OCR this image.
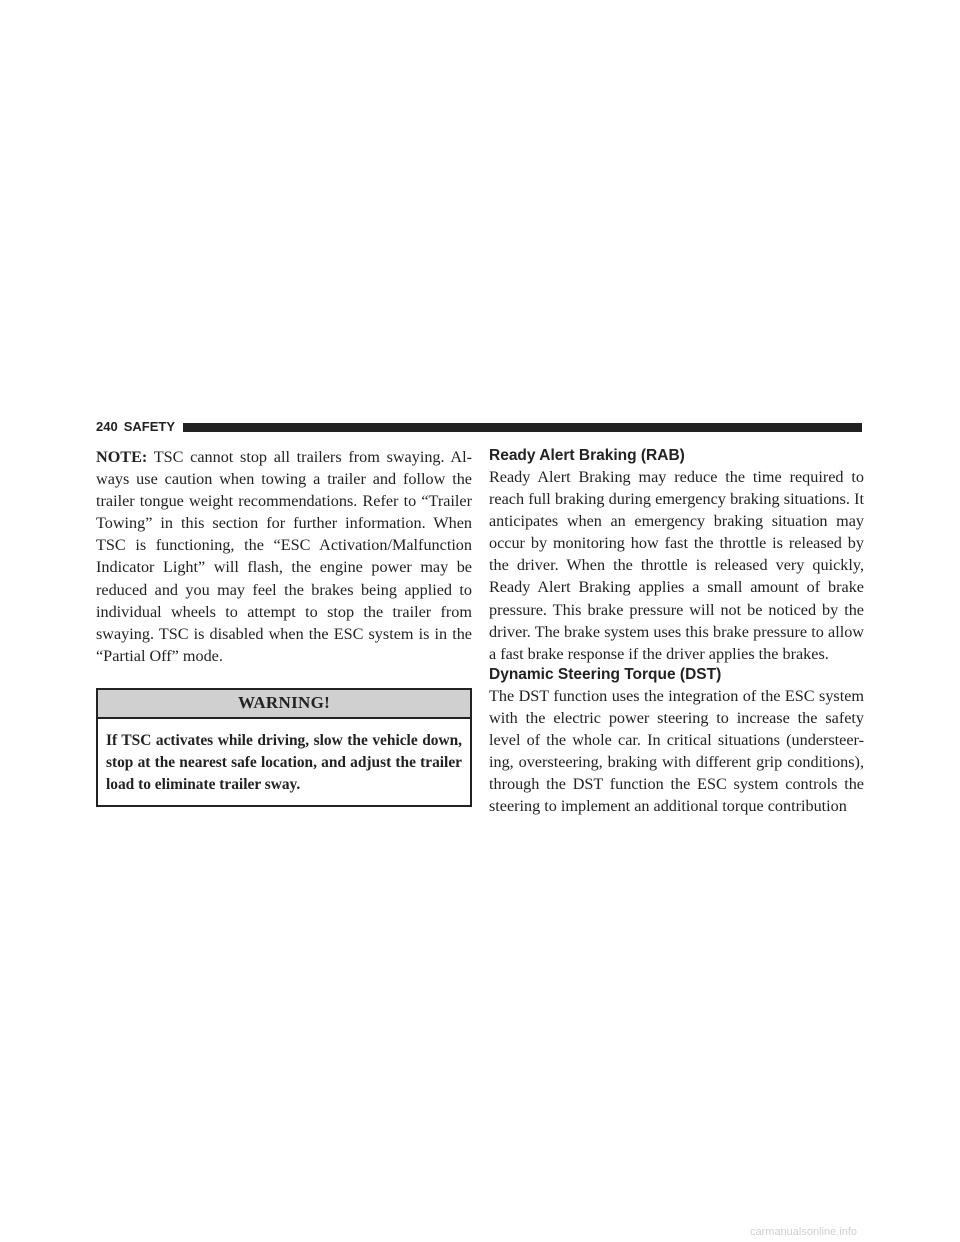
240 SAFETY

NOTE: TSC cannot stop all trailers from swaying. Al- ways use caution when towing a trailer and follow the trailer tongue weight recommendations. Refer to “Trailer Towing” in this section for further information. When TSC is functioning, the “ESC Activation/Malfunction Indicator Light” will flash, the engine power may be reduced and you may feel the brakes being applied to individual wheels to attempt to stop the trailer from swaying. TSC is disabled when the ESC system is in the “Partial Off” mode.

WARNING!
If TSC activates while driving, slow the vehicle down, stop at the nearest safe location, and adjust the trailer load to eliminate trailer sway.
Ready Alert Braking (RAB)

Ready Alert Braking may reduce the time required to reach full braking during emergency braking situations. It anticipates when an emergency braking situation may occur by monitoring how fast the throttle is released by the driver. When the throttle is released very quickly, Ready Alert Braking applies a small amount of brake pressure. This brake pressure will not be noticed by the driver. The brake system uses this brake pressure to allow a fast brake response if the driver applies the brakes.

Dynamic Steering Torque (DST)

The DST function uses the integration of the ESC system with the electric power steering to increase the safety level of the whole car. In critical situations (understeer- ing, oversteering, braking with different grip conditions), through the DST function the ESC system controls the steering to implement an additional torque contribution

carmanualsonline.info
